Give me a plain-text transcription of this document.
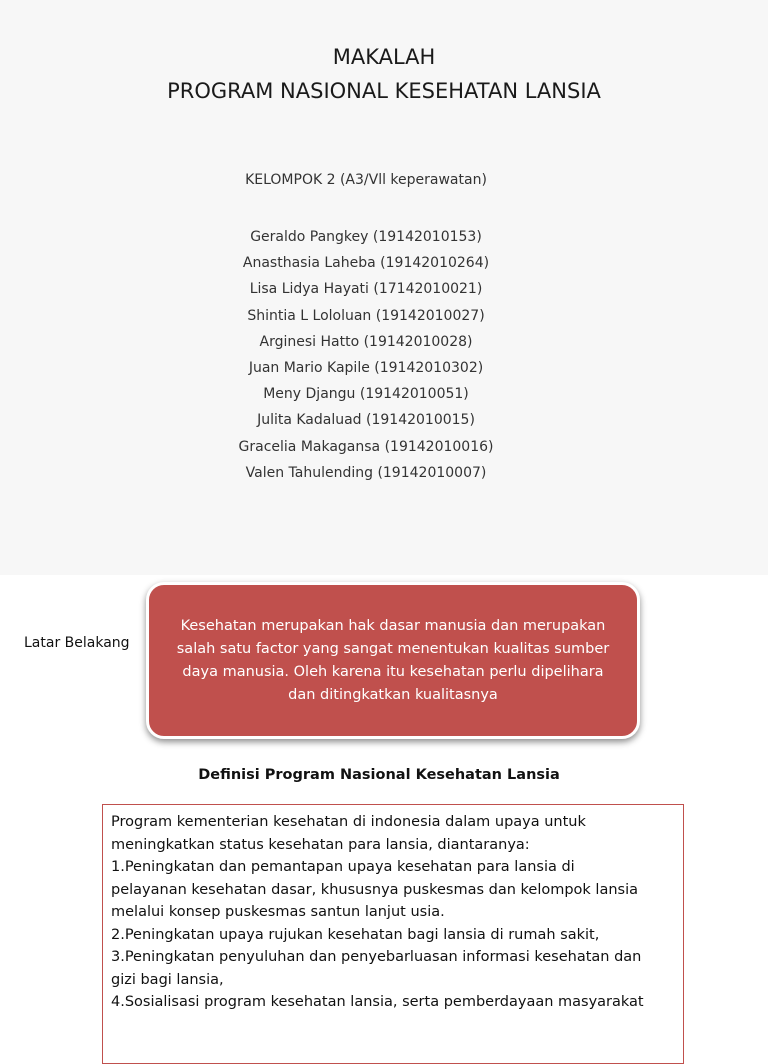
MAKALAH
PROGRAM NASIONAL KESEHATAN LANSIA
KELOMPOK 2 (A3/Vll keperawatan)
Geraldo Pangkey (19142010153)
Anasthasia Laheba (19142010264)
Lisa Lidya Hayati (17142010021)
Shintia L Lololuan (19142010027)
Arginesi Hatto (19142010028)
Juan Mario Kapile (19142010302)
Meny Djangu (19142010051)
Julita Kadaluad (19142010015)
Gracelia Makagansa (19142010016)
Valen Tahulending (19142010007)
Latar Belakang
Kesehatan merupakan hak dasar manusia dan merupakan salah satu factor yang sangat menentukan kualitas sumber daya manusia. Oleh karena itu kesehatan perlu dipelihara dan ditingkatkan kualitasnya
Definisi Program Nasional Kesehatan Lansia
Program kementerian kesehatan di indonesia dalam upaya untuk
meningkatkan status kesehatan para lansia, diantaranya:
1.Peningkatan dan pemantapan upaya kesehatan para lansia di
pelayanan kesehatan dasar, khususnya puskesmas dan kelompok lansia
melalui konsep puskesmas santun lanjut usia.
2.Peningkatan upaya rujukan kesehatan bagi lansia di rumah sakit,
3.Peningkatan penyuluhan dan penyebarluasan informasi kesehatan dan
gizi bagi lansia,
4.Sosialisasi program kesehatan lansia, serta pemberdayaan masyarakat
